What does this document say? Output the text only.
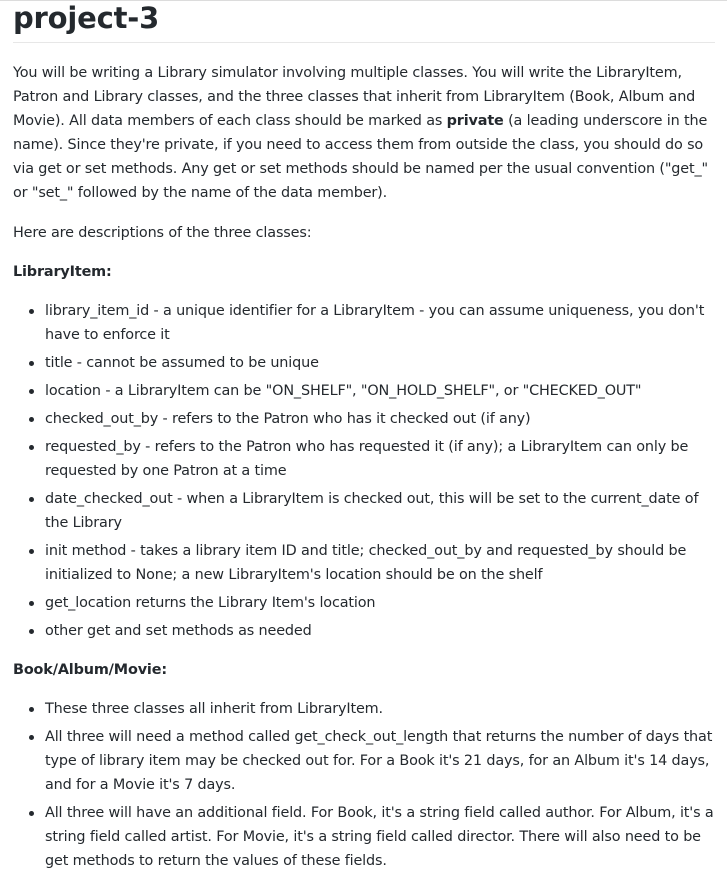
project-3

You will be writing a Library simulator involving multiple classes. You will write the LibraryItem, Patron and Library classes, and the three classes that inherit from LibraryItem (Book, Album and Movie). All data members of each class should be marked as private (a leading underscore in the name). Since they're private, if you need to access them from outside the class, you should do so via get or set methods. Any get or set methods should be named per the usual convention ("get_" or "set_" followed by the name of the data member).

Here are descriptions of the three classes:

LibraryItem:

library_item_id - a unique identifier for a LibraryItem - you can assume uniqueness, you don't have to enforce it
title - cannot be assumed to be unique
location - a LibraryItem can be "ON_SHELF", "ON_HOLD_SHELF", or "CHECKED_OUT"
checked_out_by - refers to the Patron who has it checked out (if any)
requested_by - refers to the Patron who has requested it (if any); a LibraryItem can only be requested by one Patron at a time
date_checked_out - when a LibraryItem is checked out, this will be set to the current_date of the Library
init method - takes a library item ID and title; checked_out_by and requested_by should be initialized to None; a new LibraryItem's location should be on the shelf
get_location returns the Library Item's location
other get and set methods as needed

Book/Album/Movie:

These three classes all inherit from LibraryItem.
All three will need a method called get_check_out_length that returns the number of days that type of library item may be checked out for. For a Book it's 21 days, for an Album it's 14 days, and for a Movie it's 7 days.
All three will have an additional field. For Book, it's a string field called author. For Album, it's a string field called artist. For Movie, it's a string field called director. There will also need to be get methods to return the values of these fields.
